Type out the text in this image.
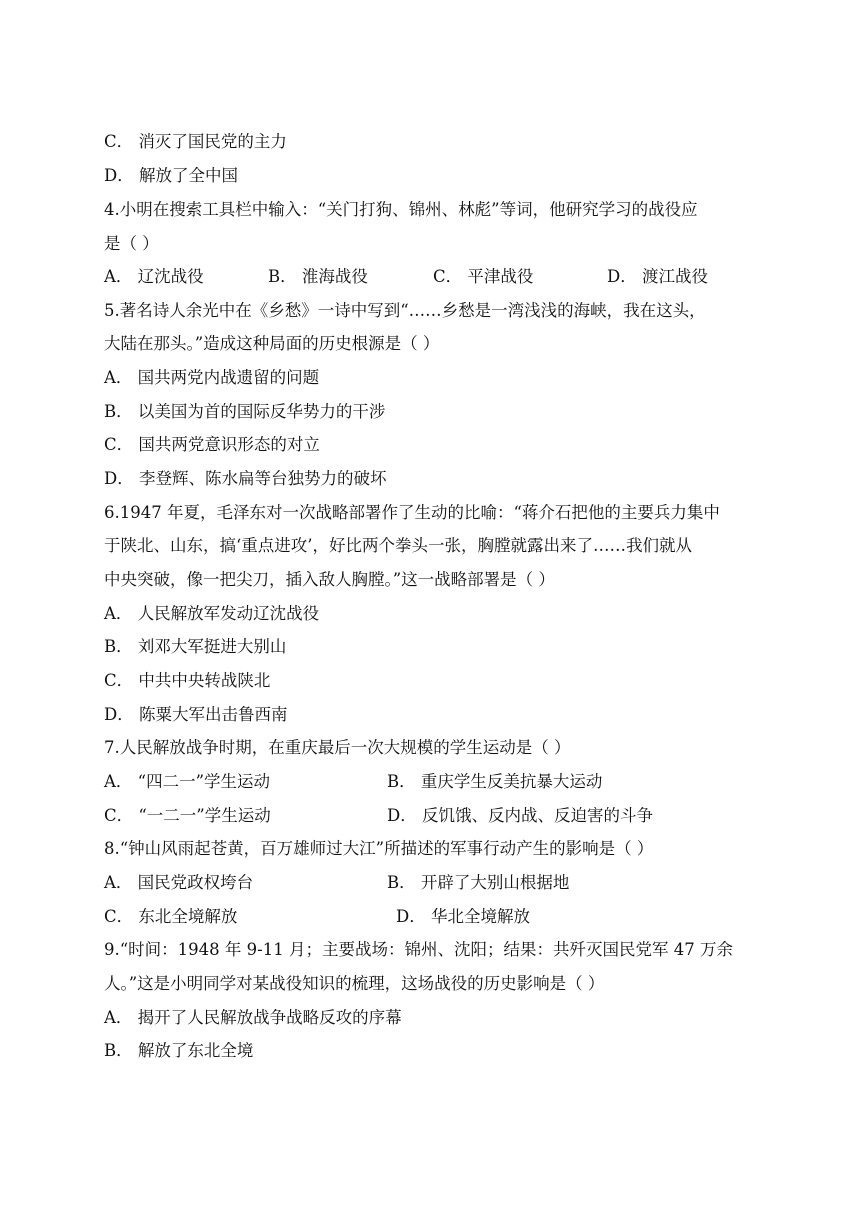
C． 消灭了国民党的主力
D． 解放了全中国
4.小明在搜索工具栏中输入：“关门打狗、锦州、林彪”等词，他研究学习的战役应
是（ ）
A． 辽沈战役	B． 淮海战役	C． 平津战役	D． 渡江战役
5.著名诗人余光中在《乡愁》一诗中写到“……乡愁是一湾浅浅的海峡，我在这头，
大陆在那头。”造成这种局面的历史根源是（ ）
A． 国共两党内战遗留的问题
B． 以美国为首的国际反华势力的干涉
C． 国共两党意识形态的对立
D． 李登辉、陈水扁等台独势力的破坏
6.1947 年夏，毛泽东对一次战略部署作了生动的比喻：“蒋介石把他的主要兵力集中
于陕北、山东，搞‘重点进攻’，好比两个拳头一张，胸膛就露出来了……我们就从
中央突破，像一把尖刀，插入敌人胸膛。”这一战略部署是（ ）
A． 人民解放军发动辽沈战役
B． 刘邓大军挺进大别山
C． 中共中央转战陕北
D． 陈粟大军出击鲁西南
7.人民解放战争时期，在重庆最后一次大规模的学生运动是（ ）
A． “四二一”学生运动	B． 重庆学生反美抗暴大运动
C． “一二一”学生运动	D． 反饥饿、反内战、反迫害的斗争
8.“钟山风雨起苍黄，百万雄师过大江”所描述的军事行动产生的影响是（ ）
A． 国民党政权垮台	B． 开辟了大别山根据地
C． 东北全境解放	D． 华北全境解放
9.“时间：1948 年 9-11 月；主要战场：锦州、沈阳；结果：共歼灭国民党军 47 万余
人。”这是小明同学对某战役知识的梳理，这场战役的历史影响是（ ）
A． 揭开了人民解放战争战略反攻的序幕
B． 解放了东北全境
